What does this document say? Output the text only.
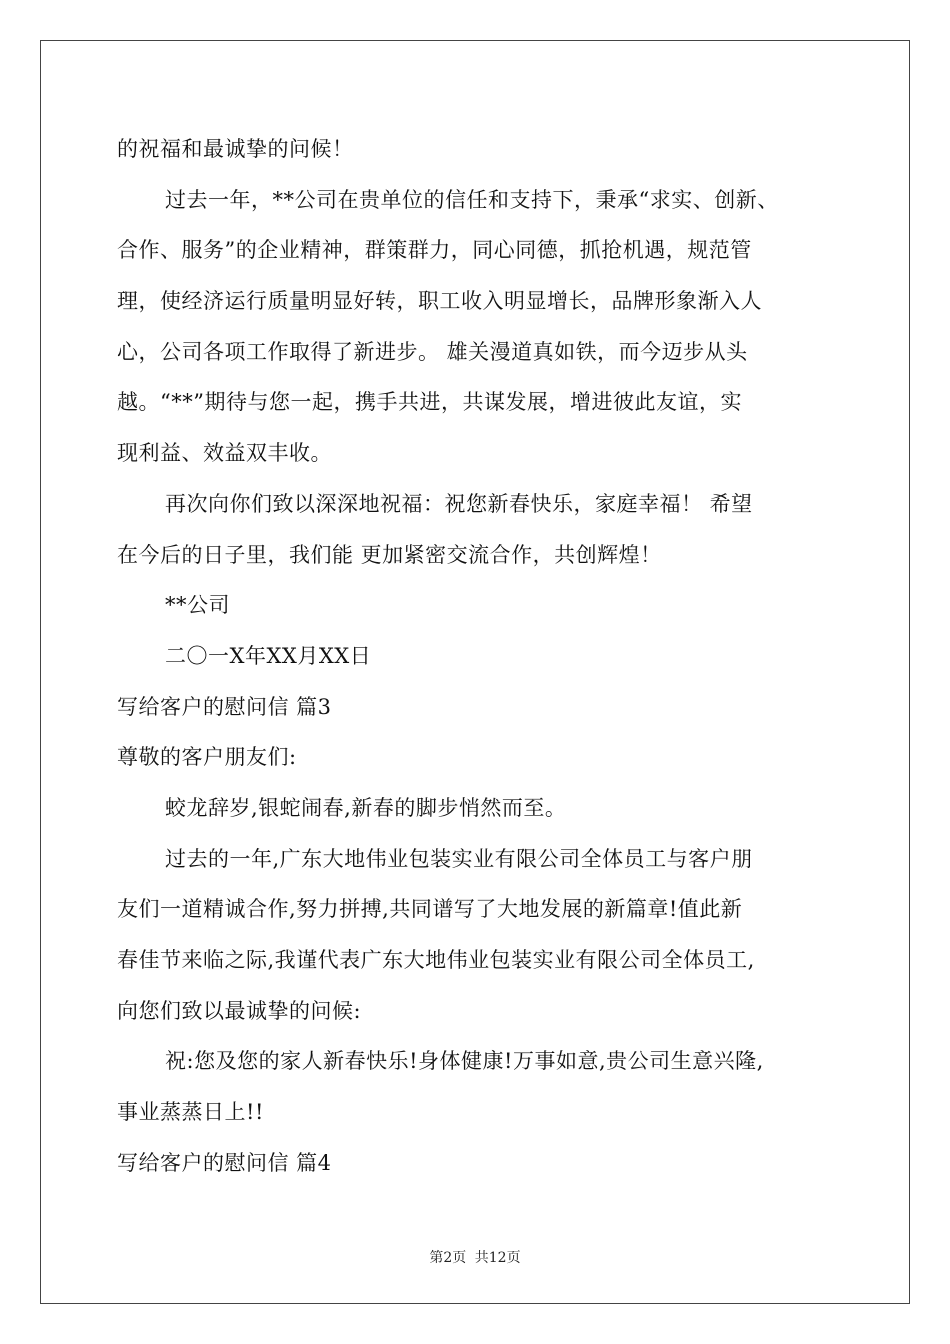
的祝福和最诚挚的问候！
过去一年，**公司在贵单位的信任和支持下，秉承“求实、创新、
合作、服务”的企业精神，群策群力，同心同德，抓抢机遇，规范管
理，使经济运行质量明显好转，职工收入明显增长，品牌形象渐入人
心，公司各项工作取得了新进步。 雄关漫道真如铁，而今迈步从头
越。“**”期待与您一起，携手共进，共谋发展，增进彼此友谊，实
现利益、效益双丰收。
再次向你们致以深深地祝福：祝您新春快乐，家庭幸福！ 希望
在今后的日子里，我们能 更加紧密交流合作，共创辉煌！
**公司
二〇一X年XX月XX日
写给客户的慰问信 篇3
尊敬的客户朋友们:
蛟龙辞岁,银蛇闹春,新春的脚步悄然而至。
过去的一年,广东大地伟业包装实业有限公司全体员工与客户朋
友们一道精诚合作,努力拼搏,共同谱写了大地发展的新篇章!值此新
春佳节来临之际,我谨代表广东大地伟业包装实业有限公司全体员工,
向您们致以最诚挚的问候:
祝:您及您的家人新春快乐!身体健康!万事如意,贵公司生意兴隆,
事业蒸蒸日上!!
写给客户的慰问信 篇4
第2页 共12页
